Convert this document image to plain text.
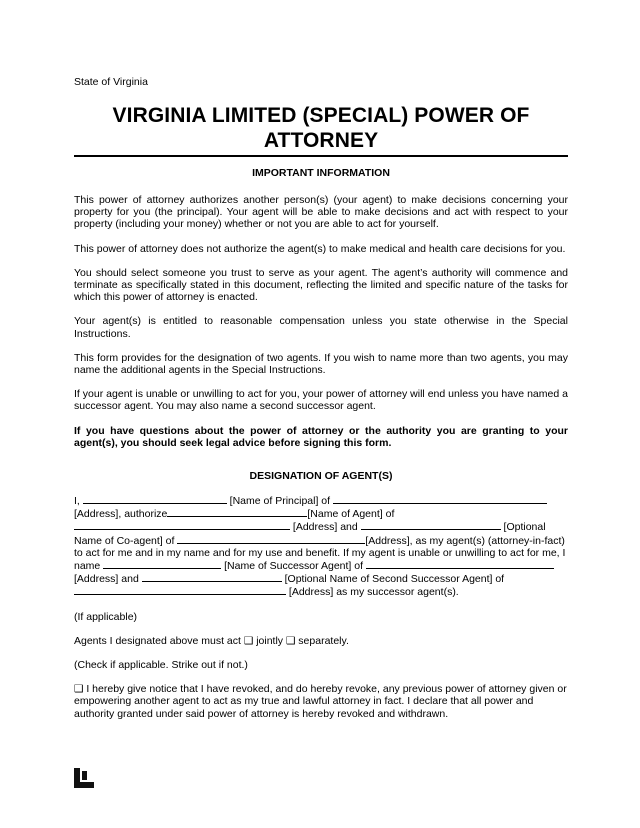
State of Virginia
VIRGINIA LIMITED (SPECIAL) POWER OF ATTORNEY
IMPORTANT INFORMATION

This power of attorney authorizes another person(s) (your agent) to make decisions concerning your property for you (the principal). Your agent will be able to make decisions and act with respect to your property (including your money) whether or not you are able to act for yourself.

This power of attorney does not authorize the agent(s) to make medical and health care decisions for you.

You should select someone you trust to serve as your agent. The agent’s authority will commence and terminate as specifically stated in this document, reflecting the limited and specific nature of the tasks for which this power of attorney is enacted.

Your agent(s) is entitled to reasonable compensation unless you state otherwise in the Special Instructions.

This form provides for the designation of two agents. If you wish to name more than two agents, you may name the additional agents in the Special Instructions.

If your agent is unable or unwilling to act for you, your power of attorney will end unless you have named a successor agent. You may also name a second successor agent.

If you have questions about the power of attorney or the authority you are granting to your agent(s), you should seek legal advice before signing this form.

DESIGNATION OF AGENT(S)

I,	[Name of Principal] of  [Address], authorize	[Name of Agent] of  [Address] and	[Optional Name of Co-agent] of	[Address], as my agent(s) (attorney-in-fact) to act for me and in my name and for my use and benefit. If my agent is unable or unwilling to act for me, I name	[Name of Successor Agent] of  [Address] and	[Optional Name of Second Successor Agent] of  [Address] as my successor agent(s).

(If applicable)

Agents I designated above must act ❑ jointly ❑ separately.

(Check if applicable. Strike out if not.)

❑ I hereby give notice that I have revoked, and do hereby revoke, any previous power of attorney given or empowering another agent to act as my true and lawful attorney in fact. I declare that all power and authority granted under said power of attorney is hereby revoked and withdrawn.
